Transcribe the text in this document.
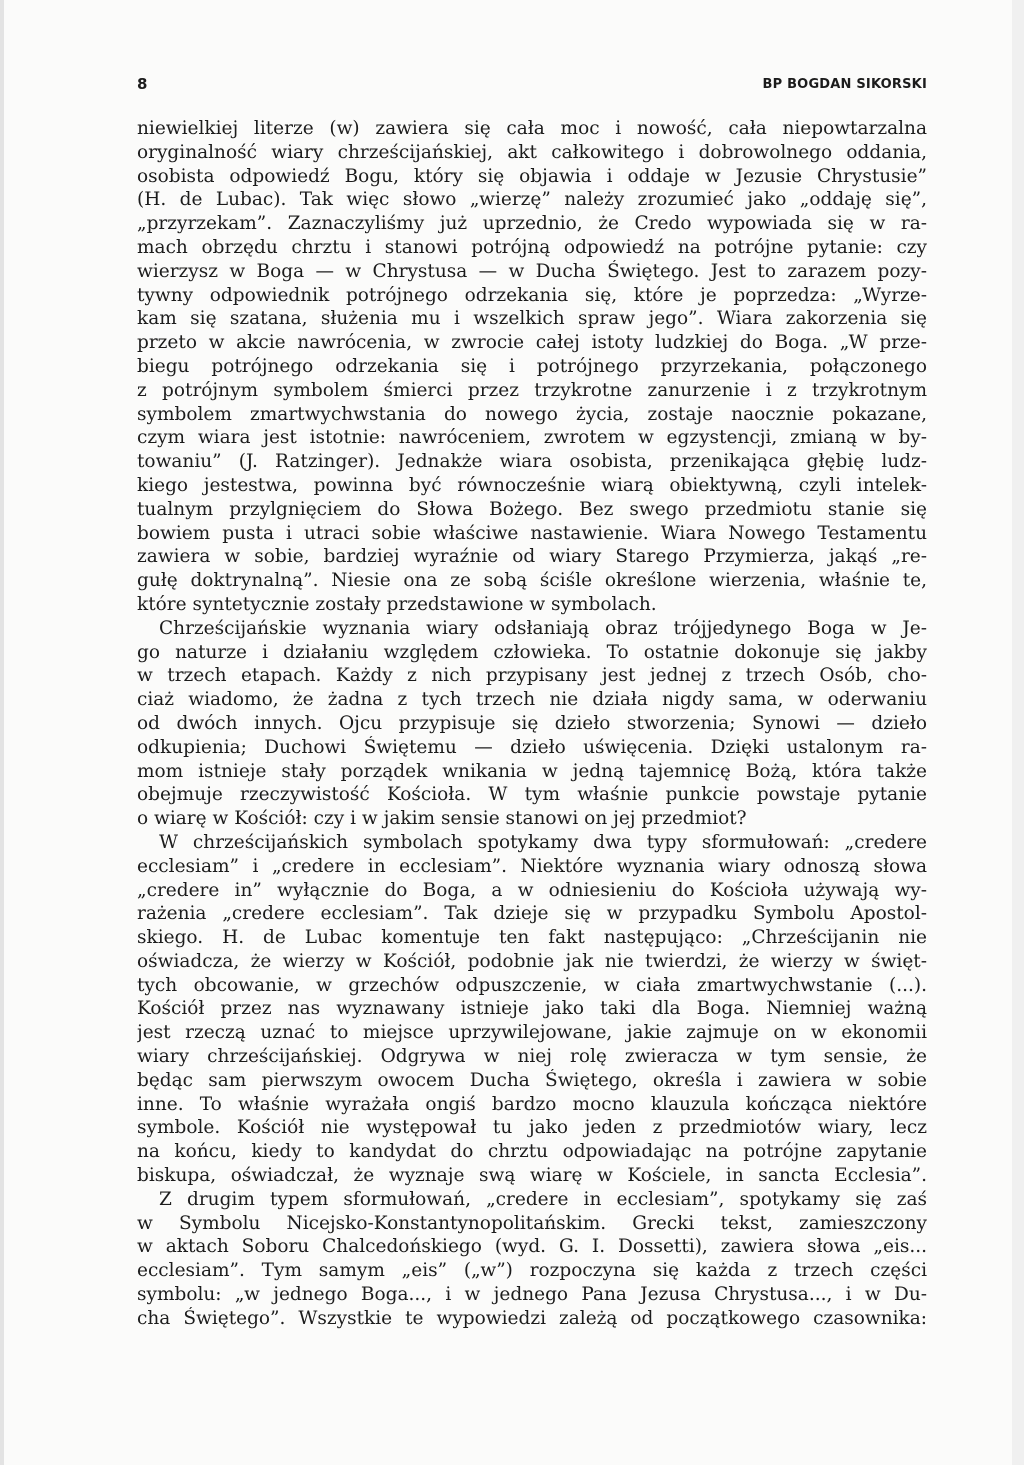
8	BP BOGDAN SIKORSKI

niewielkiej literze (w) zawiera się cała moc i nowość, cała niepowtarzalna

oryginalność wiary chrześcijańskiej, akt całkowitego i dobrowolnego oddania,

osobista odpowiedź Bogu, który się objawia i oddaje w Jezusie Chrystusie”

(H. de Lubac). Tak więc słowo „wierzę” należy zrozumieć jako „oddaję się”,

„przyrzekam”. Zaznaczyliśmy już uprzednio, że Credo wypowiada się w ra-

mach obrzędu chrztu i stanowi potrójną odpowiedź na potrójne pytanie: czy

wierzysz w Boga — w Chrystusa — w Ducha Świętego. Jest to zarazem pozy-

tywny odpowiednik potrójnego odrzekania się, które je poprzedza: „Wyrze-

kam się szatana, służenia mu i wszelkich spraw jego”. Wiara zakorzenia się

przeto w akcie nawrócenia, w zwrocie całej istoty ludzkiej do Boga. „W prze-

biegu potrójnego odrzekania się i potrójnego przyrzekania, połączonego

z potrójnym symbolem śmierci przez trzykrotne zanurzenie i z trzykrotnym

symbolem zmartwychwstania do nowego życia, zostaje naocznie pokazane,

czym wiara jest istotnie: nawróceniem, zwrotem w egzystencji, zmianą w by-

towaniu” (J. Ratzinger). Jednakże wiara osobista, przenikająca głębię ludz-

kiego jestestwa, powinna być równocześnie wiarą obiektywną, czyli intelek-

tualnym przylgnięciem do Słowa Bożego. Bez swego przedmiotu stanie się

bowiem pusta i utraci sobie właściwe nastawienie. Wiara Nowego Testamentu

zawiera w sobie, bardziej wyraźnie od wiary Starego Przymierza, jakąś „re-

gułę doktrynalną”. Niesie ona ze sobą ściśle określone wierzenia, właśnie te,

które syntetycznie zostały przedstawione w symbolach.

Chrześcijańskie wyznania wiary odsłaniają obraz trójjedynego Boga w Je-

go naturze i działaniu względem człowieka. To ostatnie dokonuje się jakby

w trzech etapach. Każdy z nich przypisany jest jednej z trzech Osób, cho-

ciaż wiadomo, że żadna z tych trzech nie działa nigdy sama, w oderwaniu

od dwóch innych. Ojcu przypisuje się dzieło stworzenia; Synowi — dzieło

odkupienia; Duchowi Świętemu — dzieło uświęcenia. Dzięki ustalonym ra-

mom istnieje stały porządek wnikania w jedną tajemnicę Bożą, która także

obejmuje rzeczywistość Kościoła. W tym właśnie punkcie powstaje pytanie

o wiarę w Kościół: czy i w jakim sensie stanowi on jej przedmiot?

W chrześcijańskich symbolach spotykamy dwa typy sformułowań: „credere

ecclesiam” i „credere in ecclesiam”. Niektóre wyznania wiary odnoszą słowa

„credere in” wyłącznie do Boga, a w odniesieniu do Kościoła używają wy-

rażenia „credere ecclesiam”. Tak dzieje się w przypadku Symbolu Apostol-

skiego. H. de Lubac komentuje ten fakt następująco: „Chrześcijanin nie

oświadcza, że wierzy w Kościół, podobnie jak nie twierdzi, że wierzy w święt-

tych obcowanie, w grzechów odpuszczenie, w ciała zmartwychwstanie (...).

Kościół przez nas wyznawany istnieje jako taki dla Boga. Niemniej ważną

jest rzeczą uznać to miejsce uprzywilejowane, jakie zajmuje on w ekonomii

wiary chrześcijańskiej. Odgrywa w niej rolę zwieracza w tym sensie, że

będąc sam pierwszym owocem Ducha Świętego, określa i zawiera w sobie

inne. To właśnie wyrażała ongiś bardzo mocno klauzula kończąca niektóre

symbole. Kościół nie występował tu jako jeden z przedmiotów wiary, lecz

na końcu, kiedy to kandydat do chrztu odpowiadając na potrójne zapytanie

biskupa, oświadczał, że wyznaje swą wiarę w Kościele, in sancta Ecclesia”.

Z drugim typem sformułowań, „credere in ecclesiam”, spotykamy się zaś

w Symbolu Nicejsko-Konstantynopolitańskim. Grecki tekst, zamieszczony

w aktach Soboru Chalcedońskiego (wyd. G. I. Dossetti), zawiera słowa „eis...

ecclesiam”. Tym samym „eis” („w”) rozpoczyna się każda z trzech części

symbolu: „w jednego Boga..., i w jednego Pana Jezusa Chrystusa..., i w Du-

cha Świętego”. Wszystkie te wypowiedzi zależą od początkowego czasownika:
